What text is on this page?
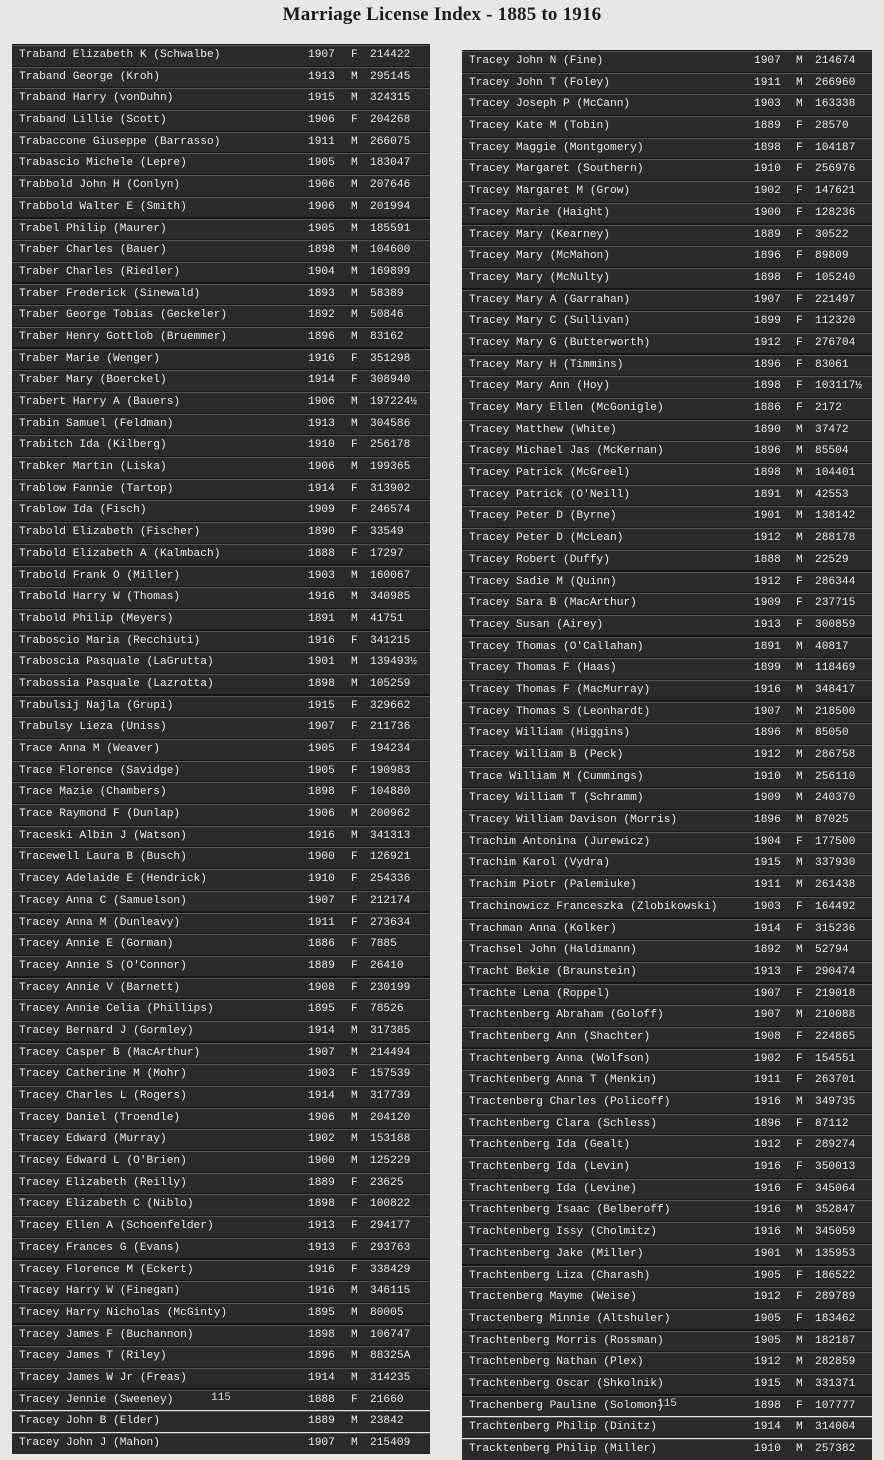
Marriage License Index - 1885 to 1916
Traband Elizabeth K (Schwalbe)	1907 F 214422
Traband George (Kroh)	1913 M 295145
Traband Harry (vonDuhn)	1915 M 324315
Traband Lillie (Scott)	1906 F 204268
Trabaccone Giuseppe (Barrasso)	1911 M 266075
Trabascio Michele (Lepre)	1905 M 183047
Trabbold John H (Conlyn)	1906 M 207646
Trabbold Walter E (Smith)	1906 M 201994
Trabel Philip (Maurer)	1905 M 185591
Traber Charles (Bauer)	1898 M 104600
Traber Charles (Riedler)	1904 M 169899
Traber Frederick (Sinewald)	1893 M 58389
Traber George Tobias (Geckeler)	1892 M 50846
Traber Henry Gottlob (Bruemmer)	1896 M 83162
Traber Marie (Wenger)	1916 F 351298
Traber Mary (Boerckel)	1914 F 308940
Trabert Harry A (Bauers)	1906 M 197224½
Trabin Samuel (Feldman)	1913 M 304586
Trabitch Ida (Kilberg)	1910 F 256178
Trabker Martin (Liska)	1906 M 199365
Trablow Fannie (Tartop)	1914 F 313902
Trablow Ida (Fisch)	1909 F 246574
Trabold Elizabeth (Fischer)	1890 F 33549
Trabold Elizabeth A (Kalmbach)	1888 F 17297
Trabold Frank O (Miller)	1903 M 160067
Trabold Harry W (Thomas)	1916 M 340985
Trabold Philip (Meyers)	1891 M 41751
Traboscio Maria (Recchiuti)	1916 F 341215
Traboscia Pasquale (LaGrutta)	1901 M 139493½
Trabossia Pasquale (Lazrotta)	1898 M 105259
Trabulsij Najla (Grupi)	1915 F 329662
Trabulsy Lieza (Uniss)	1907 F 211736
Trace Anna M (Weaver)	1905 F 194234
Trace Florence (Savidge)	1905 F 190983
Trace Mazie (Chambers)	1898 F 104880
Trace Raymond F (Dunlap)	1906 M 200962
Traceski Albin J (Watson)	1916 M 341313
Tracewell Laura B (Busch)	1900 F 126921
Tracey Adelaide E (Hendrick)	1910 F 254336
Tracey Anna C (Samuelson)	1907 F 212174
Tracey Anna M (Dunleavy)	1911 F 273634
Tracey Annie E (Gorman)	1886 F 7885
Tracey Annie S (O'Connor)	1889 F 26410
Tracey Annie V (Barnett)	1908 F 230199
Tracey Annie Celia (Phillips)	1895 F 78526
Tracey Bernard J (Gormley)	1914 M 317385
Tracey Casper B (MacArthur)	1907 M 214494
Tracey Catherine M (Mohr)	1903 F 157539
Tracey Charles L (Rogers)	1914 M 317739
Tracey Daniel (Troendle)	1906 M 204120
Tracey Edward (Murray)	1902 M 153188
Tracey Edward L (O'Brien)	1900 M 125229
Tracey Elizabeth (Reilly)	1889 F 23625
Tracey Elizabeth C (Niblo)	1898 F 100822
Tracey Ellen A (Schoenfelder)	1913 F 294177
Tracey Frances G (Evans)	1913 F 293763
Tracey Florence M (Eckert)	1916 F 338429
Tracey Harry W (Finegan)	1916 M 346115
Tracey Harry Nicholas (McGinty)	1895 M 80005
Tracey James F (Buchannon)	1898 M 106747
Tracey James T (Riley)	1896 M 88325A
Tracey James W Jr (Freas)	1914 M 314235
Tracey Jennie (Sweeney)	1888 F 21660
Tracey John B (Elder)	1889 M 23842
Tracey John J (Mahon)	1907 M 215409
115
Tracey John N (Fine)	1907 M 214674
Tracey John T (Foley)	1911 M 266960
Tracey Joseph P (McCann)	1903 M 163338
Tracey Kate M (Tobin)	1889 F 28570
Tracey Maggie (Montgomery)	1898 F 104187
Tracey Margaret (Southern)	1910 F 256976
Tracey Margaret M (Grow)	1902 F 147621
Tracey Marie (Haight)	1900 F 128236
Tracey Mary (Kearney)	1889 F 30522
Tracey Mary (McMahon)	1896 F 89809
Tracey Mary (McNulty)	1898 F 105240
Tracey Mary A (Garrahan)	1907 F 221497
Tracey Mary C (Sullivan)	1899 F 112320
Tracey Mary G (Butterworth)	1912 F 276704
Tracey Mary H (Timmins)	1896 F 83061
Tracey Mary Ann (Hoy)	1898 F 103117½
Tracey Mary Ellen (McGonigle)	1886 F 2172
Tracey Matthew (White)	1890 M 37472
Tracey Michael Jas (McKernan)	1896 M 85504
Tracey Patrick (McGreel)	1898 M 104401
Tracey Patrick (O'Neill)	1891 M 42553
Tracey Peter D (Byrne)	1901 M 138142
Tracey Peter D (McLean)	1912 M 288178
Tracey Robert (Duffy)	1888 M 22529
Tracey Sadie M (Quinn)	1912 F 286344
Tracey Sara B (MacArthur)	1909 F 237715
Tracey Susan (Airey)	1913 F 300859
Tracey Thomas (O'Callahan)	1891 M 40817
Tracey Thomas F (Haas)	1899 M 118469
Tracey Thomas F (MacMurray)	1916 M 348417
Tracey Thomas S (Leonhardt)	1907 M 218500
Tracey William (Higgins)	1896 M 85050
Tracey William B (Peck)	1912 M 286758
Trace William M (Cummings)	1910 M 256110
Tracey William T (Schramm)	1909 M 240370
Tracey William Davison (Morris)	1896 M 87025
Trachim Antonina (Jurewicz)	1904 F 177500
Trachim Karol (Vydra)	1915 M 337930
Trachim Piotr (Palemiuke)	1911 M 261438
Trachinowicz Franceszka (Zlobikowski)	1903 F 164492
Trachman Anna (Kolker)	1914 F 315236
Trachsel John (Haldimann)	1892 M 52794
Tracht Bekie (Braunstein)	1913 F 290474
Trachte Lena (Roppel)	1907 F 219018
Trachtenberg Abraham (Goloff)	1907 M 210088
Trachtenberg Ann (Shachter)	1908 F 224865
Trachtenberg Anna (Wolfson)	1902 F 154551
Trachtenberg Anna T (Menkin)	1911 F 263701
Tractenberg Charles (Policoff)	1916 M 349735
Trachtenberg Clara (Schless)	1896 F 87112
Trachtenberg Ida (Gealt)	1912 F 289274
Trachtenberg Ida (Levin)	1916 F 350013
Trachtenberg Ida (Levine)	1916 F 345064
Trachtenberg Isaac (Belberoff)	1916 M 352847
Trachtenberg Issy (Cholmitz)	1916 M 345059
Trachtenberg Jake (Miller)	1901 M 135953
Trachtenberg Liza (Charash)	1905 F 186522
Tractenberg Mayme (Weise)	1912 F 289789
Tractenberg Minnie (Altshuler)	1905 F 183462
Trachtenberg Morris (Rossman)	1905 M 182187
Trachtenberg Nathan (Plex)	1912 M 282859
Trachtenberg Oscar (Shkolnik)	1915 M 331371
Trachenberg Pauline (Solomon)	1898 F 107777
Trachtenberg Philip (Dinitz)	1914 M 314004
Tracktenberg Philip (Miller)	1910 M 257382
115
